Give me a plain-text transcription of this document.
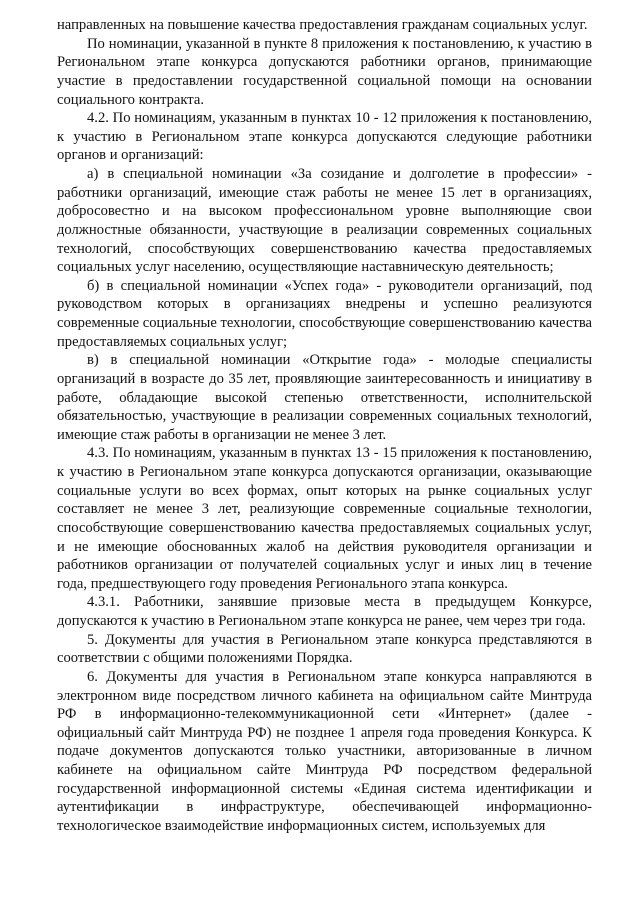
направленных на повышение качества предоставления гражданам социальных услуг.

По номинации, указанной в пункте 8 приложения к постановлению, к участию в Региональном этапе конкурса допускаются работники органов, принимающие участие в предоставлении государственной социальной помощи на основании социального контракта.

4.2. По номинациям, указанным в пунктах 10 - 12 приложения к постановлению, к участию в Региональном этапе конкурса допускаются следующие работники органов и организаций:

а) в специальной номинации «За созидание и долголетие в профессии» - работники организаций, имеющие стаж работы не менее 15 лет в организациях, добросовестно и на высоком профессиональном уровне выполняющие свои должностные обязанности, участвующие в реализации современных социальных технологий, способствующих совершенствованию качества предоставляемых социальных услуг населению, осуществляющие наставническую деятельность;

б) в специальной номинации «Успех года» - руководители организаций, под руководством которых в организациях внедрены и успешно реализуются современные социальные технологии, способствующие совершенствованию качества предоставляемых социальных услуг;

в) в специальной номинации «Открытие года» - молодые специалисты организаций в возрасте до 35 лет, проявляющие заинтересованность и инициативу в работе, обладающие высокой степенью ответственности, исполнительской обязательностью, участвующие в реализации современных социальных технологий, имеющие стаж работы в организации не менее 3 лет.

4.3. По номинациям, указанным в пунктах 13 - 15 приложения к постановлению, к участию в Региональном этапе конкурса допускаются организации, оказывающие социальные услуги во всех формах, опыт которых на рынке социальных услуг составляет не менее 3 лет, реализующие современные социальные технологии, способствующие совершенствованию качества предоставляемых социальных услуг, и не имеющие обоснованных жалоб на действия руководителя организации и работников организации от получателей социальных услуг и иных лиц в течение года, предшествующего году проведения Регионального этапа конкурса.

4.3.1. Работники, занявшие призовые места в предыдущем Конкурсе, допускаются к участию в Региональном этапе конкурса не ранее, чем через три года.

5. Документы для участия в Региональном этапе конкурса представляются в соответствии с общими положениями Порядка.

6. Документы для участия в Региональном этапе конкурса направляются в электронном виде посредством личного кабинета на официальном сайте Минтруда РФ в информационно-телекоммуникационной сети «Интернет» (далее - официальный сайт Минтруда РФ) не позднее 1 апреля года проведения Конкурса. К подаче документов допускаются только участники, авторизованные в личном кабинете на официальном сайте Минтруда РФ посредством федеральной государственной информационной системы «Единая система идентификации и аутентификации в инфраструктуре, обеспечивающей информационно-технологическое взаимодействие информационных систем, используемых для
